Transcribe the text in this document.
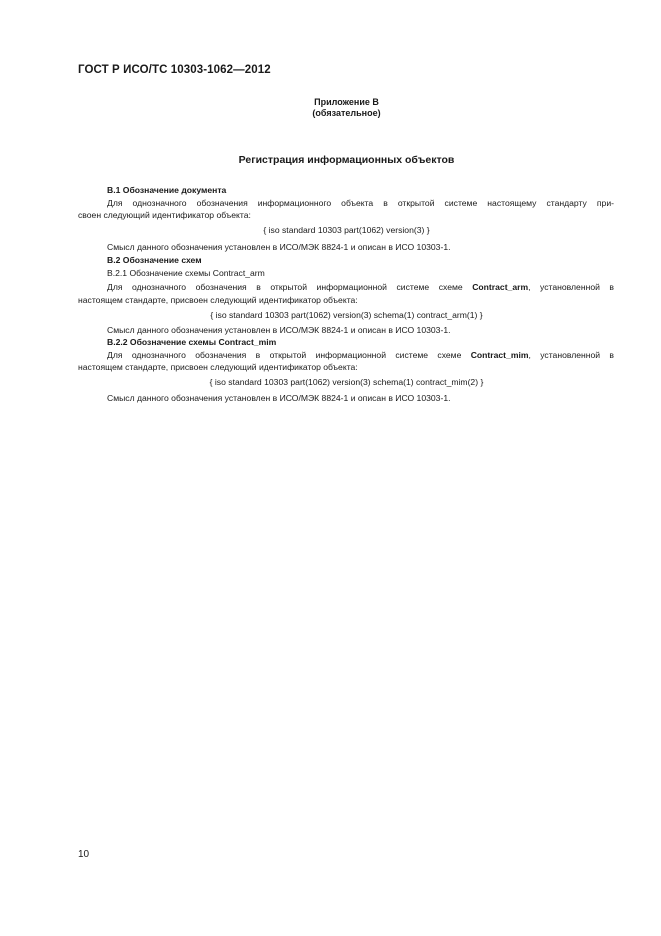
ГОСТ Р ИСО/ТС 10303-1062—2012
Приложение В
(обязательное)
Регистрация информационных объектов
В.1 Обозначение документа
Для однозначного обозначения информационного объекта в открытой системе настоящему стандарту при-
своен следующий идентификатор объекта:
{ iso standard 10303 part(1062) version(3) }
Смысл данного обозначения установлен в ИСО/МЭК 8824-1 и описан в ИСО 10303-1.
В.2 Обозначение схем
В.2.1 Обозначение схемы Contract_arm
Для однозначного обозначения в открытой информационной системе схеме Contract_arm, установленной в
настоящем стандарте, присвоен следующий идентификатор объекта:
{ iso standard 10303 part(1062) version(3) schema(1) contract_arm(1) }
Смысл данного обозначения установлен в ИСО/МЭК 8824-1 и описан в ИСО 10303-1.
В.2.2 Обозначение схемы Contract_mim
Для однозначного обозначения в открытой информационной системе схеме Contract_mim, установленной в
настоящем стандарте, присвоен следующий идентификатор объекта:
{ iso standard 10303 part(1062) version(3) schema(1) contract_mim(2) }
Смысл данного обозначения установлен в ИСО/МЭК 8824-1 и описан в ИСО 10303-1.
10
